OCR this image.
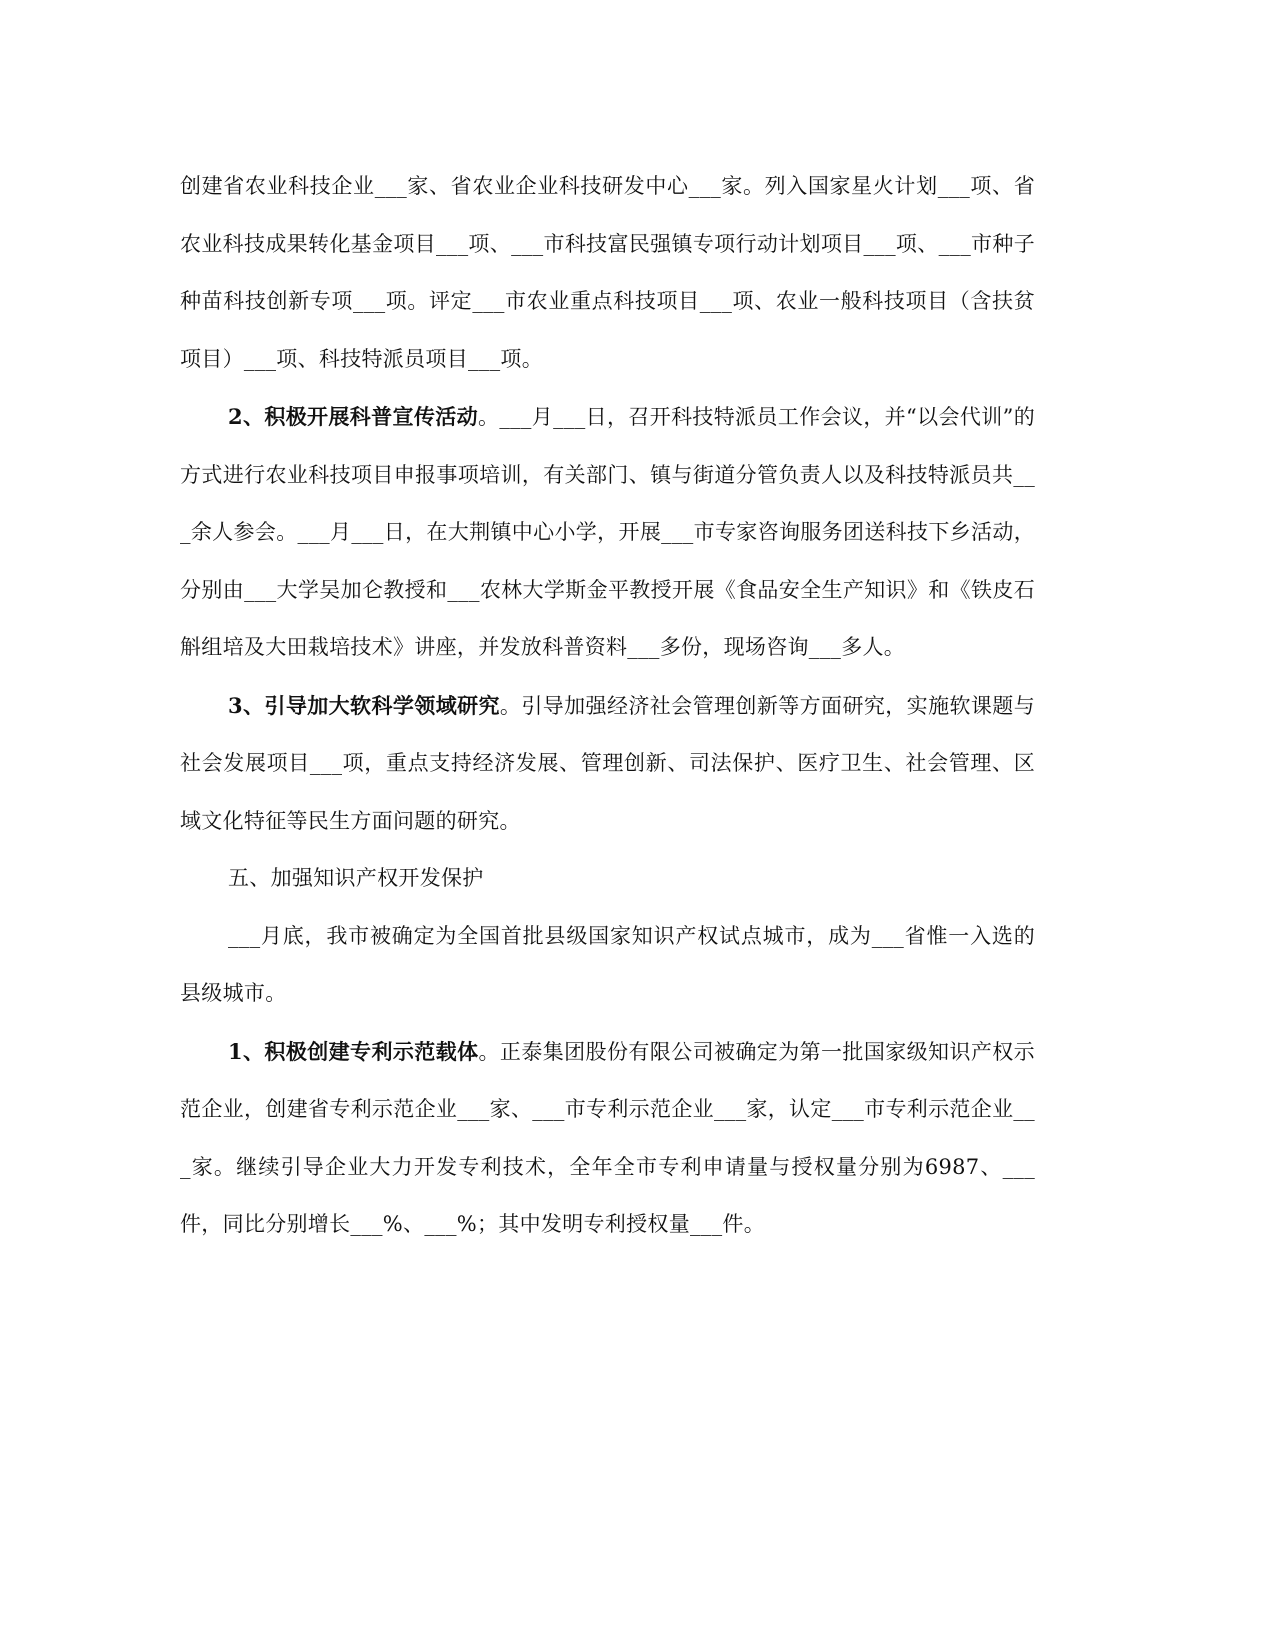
创建省农业科技企业___家、省农业企业科技研发中心___家。列入国家星火计划___项、省农业科技成果转化基金项目___项、___市科技富民强镇专项行动计划项目___项、___市种子种苗科技创新专项___项。评定___市农业重点科技项目___项、农业一般科技项目（含扶贫项目）___项、科技特派员项目___项。

2、积极开展科普宣传活动。___月___日，召开科技特派员工作会议，并“以会代训”的方式进行农业科技项目申报事项培训，有关部门、镇与街道分管负责人以及科技特派员共___余人参会。___月___日，在大荆镇中心小学，开展___市专家咨询服务团送科技下乡活动，分别由___大学吴加仑教授和___农林大学斯金平教授开展《食品安全生产知识》和《铁皮石斛组培及大田栽培技术》讲座，并发放科普资料___多份，现场咨询___多人。

3、引导加大软科学领域研究。引导加强经济社会管理创新等方面研究，实施软课题与社会发展项目___项，重点支持经济发展、管理创新、司法保护、医疗卫生、社会管理、区域文化特征等民生方面问题的研究。

五、加强知识产权开发保护

___月底，我市被确定为全国首批县级国家知识产权试点城市，成为___省惟一入选的县级城市。

1、积极创建专利示范载体。正泰集团股份有限公司被确定为第一批国家级知识产权示范企业，创建省专利示范企业___家、___市专利示范企业___家，认定___市专利示范企业___家。继续引导企业大力开发专利技术，全年全市专利申请量与授权量分别为6987、___件，同比分别增长___%、___%；其中发明专利授权量___件。
